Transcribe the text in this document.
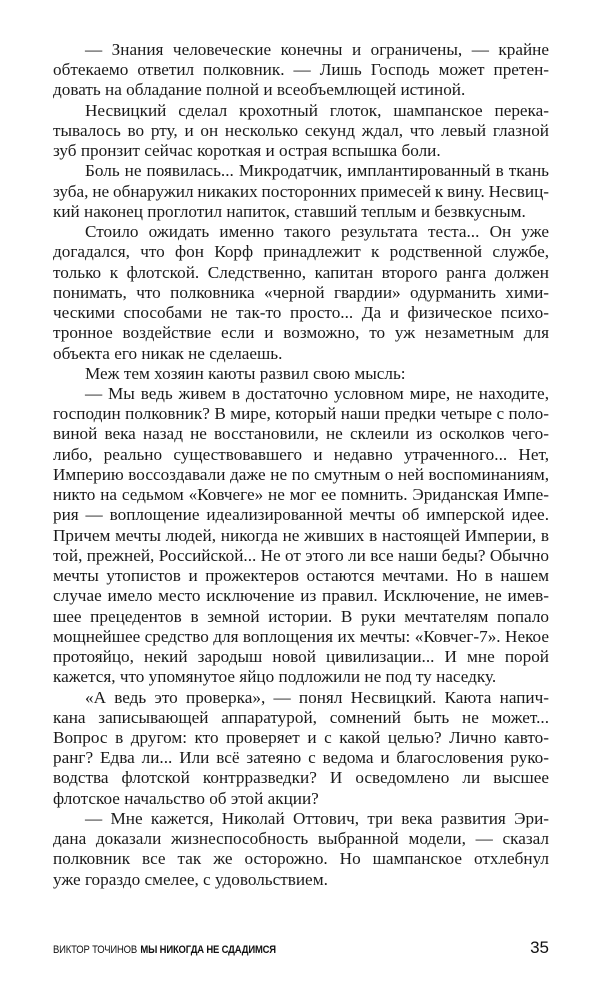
— Знания человеческие конечны и ограничены, — крайне
обтекаемо ответил полковник. — Лишь Господь может претен-
довать на обладание полной и всеобъемлющей истиной.
Несвицкий сделал крохотный глоток, шампанское перека-
тывалось во рту, и он несколько секунд ждал, что левый глазной
зуб пронзит сейчас короткая и острая вспышка боли.
Боль не появилась... Микродатчик, имплантированный в ткань
зуба, не обнаружил никаких посторонних примесей к вину. Несвиц-
кий наконец проглотил напиток, ставший теплым и безвкусным.
Стоило ожидать именно такого результата теста... Он уже
догадался, что фон Корф принадлежит к родственной службе,
только к флотской. Следственно, капитан второго ранга должен
понимать, что полковника «черной гвардии» одурманить хими-
ческими способами не так-то просто... Да и физическое психо-
тронное воздействие если и возможно, то уж незаметным для
объекта его никак не сделаешь.
Меж тем хозяин каюты развил свою мысль:
— Мы ведь живем в достаточно условном мире, не находите,
господин полковник? В мире, который наши предки четыре с поло-
виной века назад не восстановили, не склеили из осколков чего-
либо, реально существовавшего и недавно утраченного... Нет,
Империю воссоздавали даже не по смутным о ней воспоминаниям,
никто на седьмом «Ковчеге» не мог ее помнить. Эриданская Импе-
рия — воплощение идеализированной мечты об имперской идее.
Причем мечты людей, никогда не живших в настоящей Империи, в
той, прежней, Российской... Не от этого ли все наши беды? Обычно
мечты утопистов и прожектеров остаются мечтами. Но в нашем
случае имело место исключение из правил. Исключение, не имев-
шее прецедентов в земной истории. В руки мечтателям попало
мощнейшее средство для воплощения их мечты: «Ковчег-7». Некое
протояйцо, некий зародыш новой цивилизации... И мне порой
кажется, что упомянутое яйцо подложили не под ту наседку.
«А ведь это проверка», — понял Несвицкий. Каюта напич-
кана записывающей аппаратурой, сомнений быть не может...
Вопрос в другом: кто проверяет и с какой целью? Лично кавто-
ранг? Едва ли... Или всё затеяно с ведома и благословения руко-
водства флотской контрразведки? И осведомлено ли высшее
флотское начальство об этой акции?
— Мне кажется, Николай Оттович, три века развития Эри-
дана доказали жизнеспособность выбранной модели, — сказал
полковник все так же осторожно. Но шампанское отхлебнул
уже гораздо смелее, с удовольствием.
ВИКТОР ТОЧИНОВ МЫ НИКОГДА НЕ СДАДИМСЯ	35
